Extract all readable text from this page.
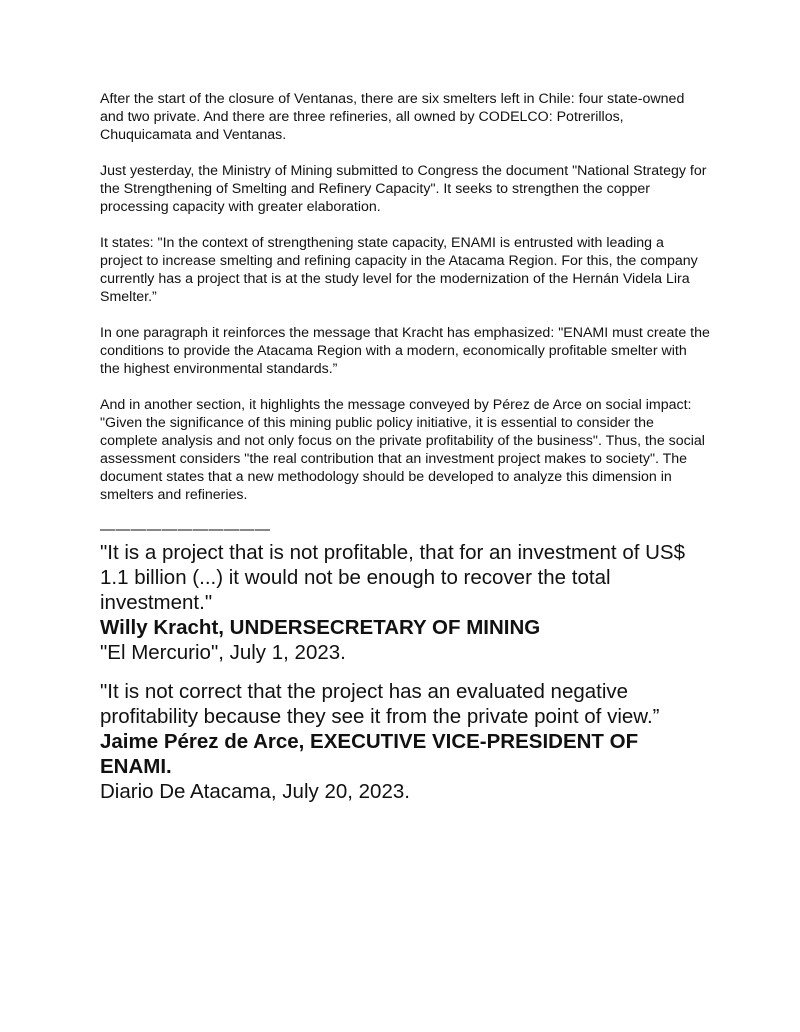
After the start of the closure of Ventanas, there are six smelters left in Chile: four state-owned and two private. And there are three refineries, all owned by CODELCO: Potrerillos, Chuquicamata and Ventanas.

Just yesterday, the Ministry of Mining submitted to Congress the document "National Strategy for the Strengthening of Smelting and Refinery Capacity". It seeks to strengthen the copper processing capacity with greater elaboration.

It states: "In the context of strengthening state capacity, ENAMI is entrusted with leading a project to increase smelting and refining capacity in the Atacama Region. For this, the company currently has a project that is at the study level for the modernization of the Hernán Videla Lira Smelter.”

In one paragraph it reinforces the message that Kracht has emphasized: "ENAMI must create the conditions to provide the Atacama Region with a modern, economically profitable smelter with the highest environmental standards.”

And in another section, it highlights the message conveyed by Pérez de Arce on social impact: "Given the significance of this mining public policy initiative, it is essential to consider the complete analysis and not only focus on the private profitability of the business". Thus, the social assessment considers "the real contribution that an investment project makes to society". The document states that a new methodology should be developed to analyze this dimension in smelters and refineries.

———————————

"It is a project that is not profitable, that for an investment of US$ 1.1 billion (...) it would not be enough to recover the total investment."

Willy Kracht, UNDERSECRETARY OF MINING

"El Mercurio", July 1, 2023.

"It is not correct that the project has an evaluated negative profitability because they see it from the private point of view.”

Jaime Pérez de Arce, EXECUTIVE VICE-PRESIDENT OF ENAMI.

Diario De Atacama, July 20, 2023.
